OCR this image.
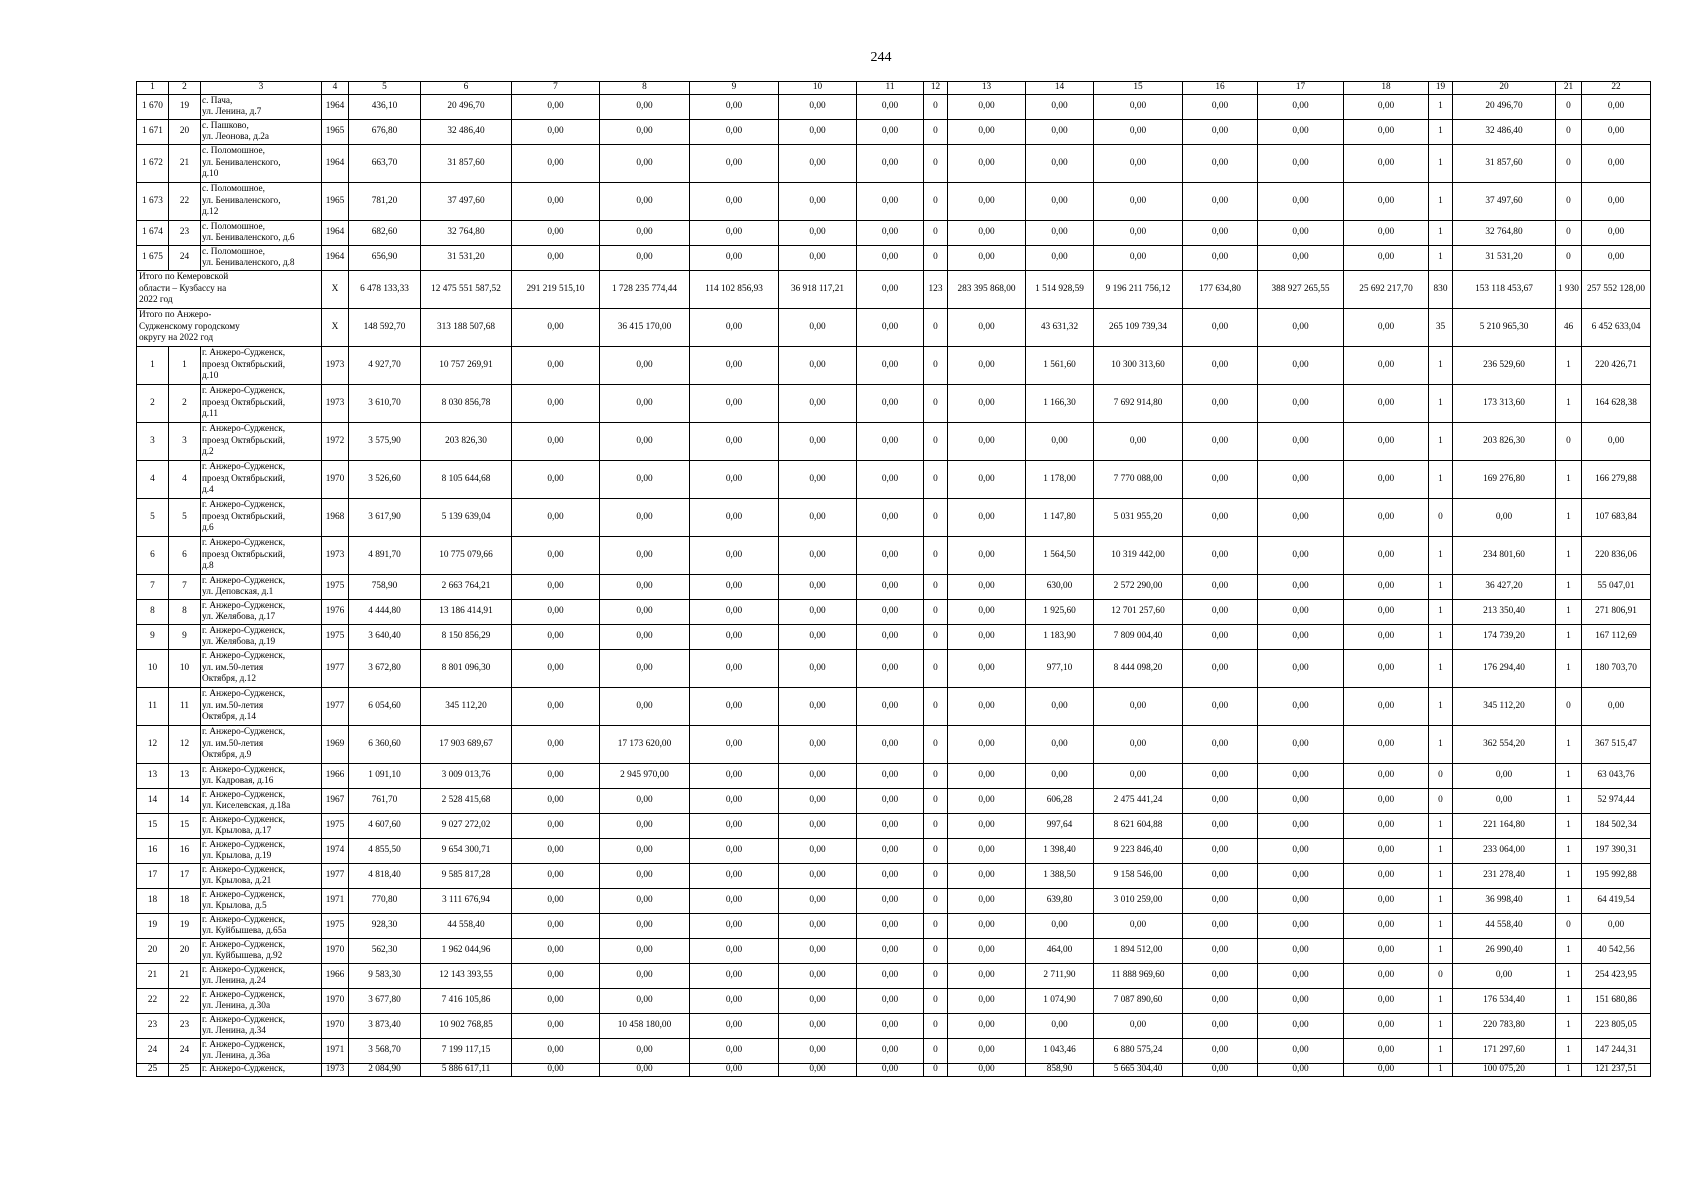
244
1	2	3	4	5	6	7	8	9	10	11	12	13	14	15	16	17	18	19	20	21	22
1 670	19	с. Пача,
ул. Ленина, д.7	1964	436,10	20 496,70	0,00	0,00	0,00	0,00	0,00	0	0,00	0,00	0,00	0,00	0,00	0,00	1	20 496,70	0	0,00
1 671	20	с. Пашково,
ул. Леонова, д.2а	1965	676,80	32 486,40	0,00	0,00	0,00	0,00	0,00	0	0,00	0,00	0,00	0,00	0,00	0,00	1	32 486,40	0	0,00
1 672	21	с. Поломошное,
ул. Бениваленского,
д.10	1964	663,70	31 857,60	0,00	0,00	0,00	0,00	0,00	0	0,00	0,00	0,00	0,00	0,00	0,00	1	31 857,60	0	0,00
1 673	22	с. Поломошное,
ул. Бениваленского,
д.12	1965	781,20	37 497,60	0,00	0,00	0,00	0,00	0,00	0	0,00	0,00	0,00	0,00	0,00	0,00	1	37 497,60	0	0,00
1 674	23	с. Поломошное,
ул. Бениваленского, д.6	1964	682,60	32 764,80	0,00	0,00	0,00	0,00	0,00	0	0,00	0,00	0,00	0,00	0,00	0,00	1	32 764,80	0	0,00
1 675	24	с. Поломошное,
ул. Бениваленского, д.8	1964	656,90	31 531,20	0,00	0,00	0,00	0,00	0,00	0	0,00	0,00	0,00	0,00	0,00	0,00	1	31 531,20	0	0,00
Итого по Кемеровской
области – Кузбассу на
2022 год			X	6 478 133,33	12 475 551 587,52	291 219 515,10	1 728 235 774,44	114 102 856,93	36 918 117,21	0,00	123	283 395 868,00	1 514 928,59	9 196 211 756,12	177 634,80	388 927 265,55	25 692 217,70	830	153 118 453,67	1 930	257 552 128,00
Итого по Анжеро-
Судженскому городскому
округу на 2022 год			X	148 592,70	313 188 507,68	0,00	36 415 170,00	0,00	0,00	0,00	0	0,00	43 631,32	265 109 739,34	0,00	0,00	0,00	35	5 210 965,30	46	6 452 633,04
1	1	г. Анжеро-Судженск,
проезд Октябрьский,
д.10	1973	4 927,70	10 757 269,91	0,00	0,00	0,00	0,00	0,00	0	0,00	1 561,60	10 300 313,60	0,00	0,00	0,00	1	236 529,60	1	220 426,71
2	2	г. Анжеро-Судженск,
проезд Октябрьский,
д.11	1973	3 610,70	8 030 856,78	0,00	0,00	0,00	0,00	0,00	0	0,00	1 166,30	7 692 914,80	0,00	0,00	0,00	1	173 313,60	1	164 628,38
3	3	г. Анжеро-Судженск,
проезд Октябрьский,
д.2	1972	3 575,90	203 826,30	0,00	0,00	0,00	0,00	0,00	0	0,00	0,00	0,00	0,00	0,00	0,00	1	203 826,30	0	0,00
4	4	г. Анжеро-Судженск,
проезд Октябрьский,
д.4	1970	3 526,60	8 105 644,68	0,00	0,00	0,00	0,00	0,00	0	0,00	1 178,00	7 770 088,00	0,00	0,00	0,00	1	169 276,80	1	166 279,88
5	5	г. Анжеро-Судженск,
проезд Октябрьский,
д.6	1968	3 617,90	5 139 639,04	0,00	0,00	0,00	0,00	0,00	0	0,00	1 147,80	5 031 955,20	0,00	0,00	0,00	0	0,00	1	107 683,84
6	6	г. Анжеро-Судженск,
проезд Октябрьский,
д.8	1973	4 891,70	10 775 079,66	0,00	0,00	0,00	0,00	0,00	0	0,00	1 564,50	10 319 442,00	0,00	0,00	0,00	1	234 801,60	1	220 836,06
7	7	г. Анжеро-Судженск,
ул. Деповская, д.1	1975	758,90	2 663 764,21	0,00	0,00	0,00	0,00	0,00	0	0,00	630,00	2 572 290,00	0,00	0,00	0,00	1	36 427,20	1	55 047,01
8	8	г. Анжеро-Судженск,
ул. Желябова, д.17	1976	4 444,80	13 186 414,91	0,00	0,00	0,00	0,00	0,00	0	0,00	1 925,60	12 701 257,60	0,00	0,00	0,00	1	213 350,40	1	271 806,91
9	9	г. Анжеро-Судженск,
ул. Желябова, д.19	1975	3 640,40	8 150 856,29	0,00	0,00	0,00	0,00	0,00	0	0,00	1 183,90	7 809 004,40	0,00	0,00	0,00	1	174 739,20	1	167 112,69
10	10	г. Анжеро-Судженск,
ул. им.50-летия
Октября, д.12	1977	3 672,80	8 801 096,30	0,00	0,00	0,00	0,00	0,00	0	0,00	977,10	8 444 098,20	0,00	0,00	0,00	1	176 294,40	1	180 703,70
11	11	г. Анжеро-Судженск,
ул. им.50-летия
Октября, д.14	1977	6 054,60	345 112,20	0,00	0,00	0,00	0,00	0,00	0	0,00	0,00	0,00	0,00	0,00	0,00	1	345 112,20	0	0,00
12	12	г. Анжеро-Судженск,
ул. им.50-летия
Октября, д.9	1969	6 360,60	17 903 689,67	0,00	17 173 620,00	0,00	0,00	0,00	0	0,00	0,00	0,00	0,00	0,00	0,00	1	362 554,20	1	367 515,47
13	13	г. Анжеро-Судженск,
ул. Кадровая, д.16	1966	1 091,10	3 009 013,76	0,00	2 945 970,00	0,00	0,00	0,00	0	0,00	0,00	0,00	0,00	0,00	0,00	0	0,00	1	63 043,76
14	14	г. Анжеро-Судженск,
ул. Киселевская, д.18а	1967	761,70	2 528 415,68	0,00	0,00	0,00	0,00	0,00	0	0,00	606,28	2 475 441,24	0,00	0,00	0,00	0	0,00	1	52 974,44
15	15	г. Анжеро-Судженск,
ул. Крылова, д.17	1975	4 607,60	9 027 272,02	0,00	0,00	0,00	0,00	0,00	0	0,00	997,64	8 621 604,88	0,00	0,00	0,00	1	221 164,80	1	184 502,34
16	16	г. Анжеро-Судженск,
ул. Крылова, д.19	1974	4 855,50	9 654 300,71	0,00	0,00	0,00	0,00	0,00	0	0,00	1 398,40	9 223 846,40	0,00	0,00	0,00	1	233 064,00	1	197 390,31
17	17	г. Анжеро-Судженск,
ул. Крылова, д.21	1977	4 818,40	9 585 817,28	0,00	0,00	0,00	0,00	0,00	0	0,00	1 388,50	9 158 546,00	0,00	0,00	0,00	1	231 278,40	1	195 992,88
18	18	г. Анжеро-Судженск,
ул. Крылова, д.5	1971	770,80	3 111 676,94	0,00	0,00	0,00	0,00	0,00	0	0,00	639,80	3 010 259,00	0,00	0,00	0,00	1	36 998,40	1	64 419,54
19	19	г. Анжеро-Судженск,
ул. Куйбышева, д.65а	1975	928,30	44 558,40	0,00	0,00	0,00	0,00	0,00	0	0,00	0,00	0,00	0,00	0,00	0,00	1	44 558,40	0	0,00
20	20	г. Анжеро-Судженск,
ул. Куйбышева, д.92	1970	562,30	1 962 044,96	0,00	0,00	0,00	0,00	0,00	0	0,00	464,00	1 894 512,00	0,00	0,00	0,00	1	26 990,40	1	40 542,56
21	21	г. Анжеро-Судженск,
ул. Ленина, д.24	1966	9 583,30	12 143 393,55	0,00	0,00	0,00	0,00	0,00	0	0,00	2 711,90	11 888 969,60	0,00	0,00	0,00	0	0,00	1	254 423,95
22	22	г. Анжеро-Судженск,
ул. Ленина, д.30а	1970	3 677,80	7 416 105,86	0,00	0,00	0,00	0,00	0,00	0	0,00	1 074,90	7 087 890,60	0,00	0,00	0,00	1	176 534,40	1	151 680,86
23	23	г. Анжеро-Судженск,
ул. Ленина, д.34	1970	3 873,40	10 902 768,85	0,00	10 458 180,00	0,00	0,00	0,00	0	0,00	0,00	0,00	0,00	0,00	0,00	1	220 783,80	1	223 805,05
24	24	г. Анжеро-Судженск,
ул. Ленина, д.36а	1971	3 568,70	7 199 117,15	0,00	0,00	0,00	0,00	0,00	0	0,00	1 043,46	6 880 575,24	0,00	0,00	0,00	1	171 297,60	1	147 244,31
25	25	г. Анжеро-Судженск,	1973	2 084,90	5 886 617,11	0,00	0,00	0,00	0,00	0,00	0	0,00	858,90	5 665 304,40	0,00	0,00	0,00	1	100 075,20	1	121 237,51
